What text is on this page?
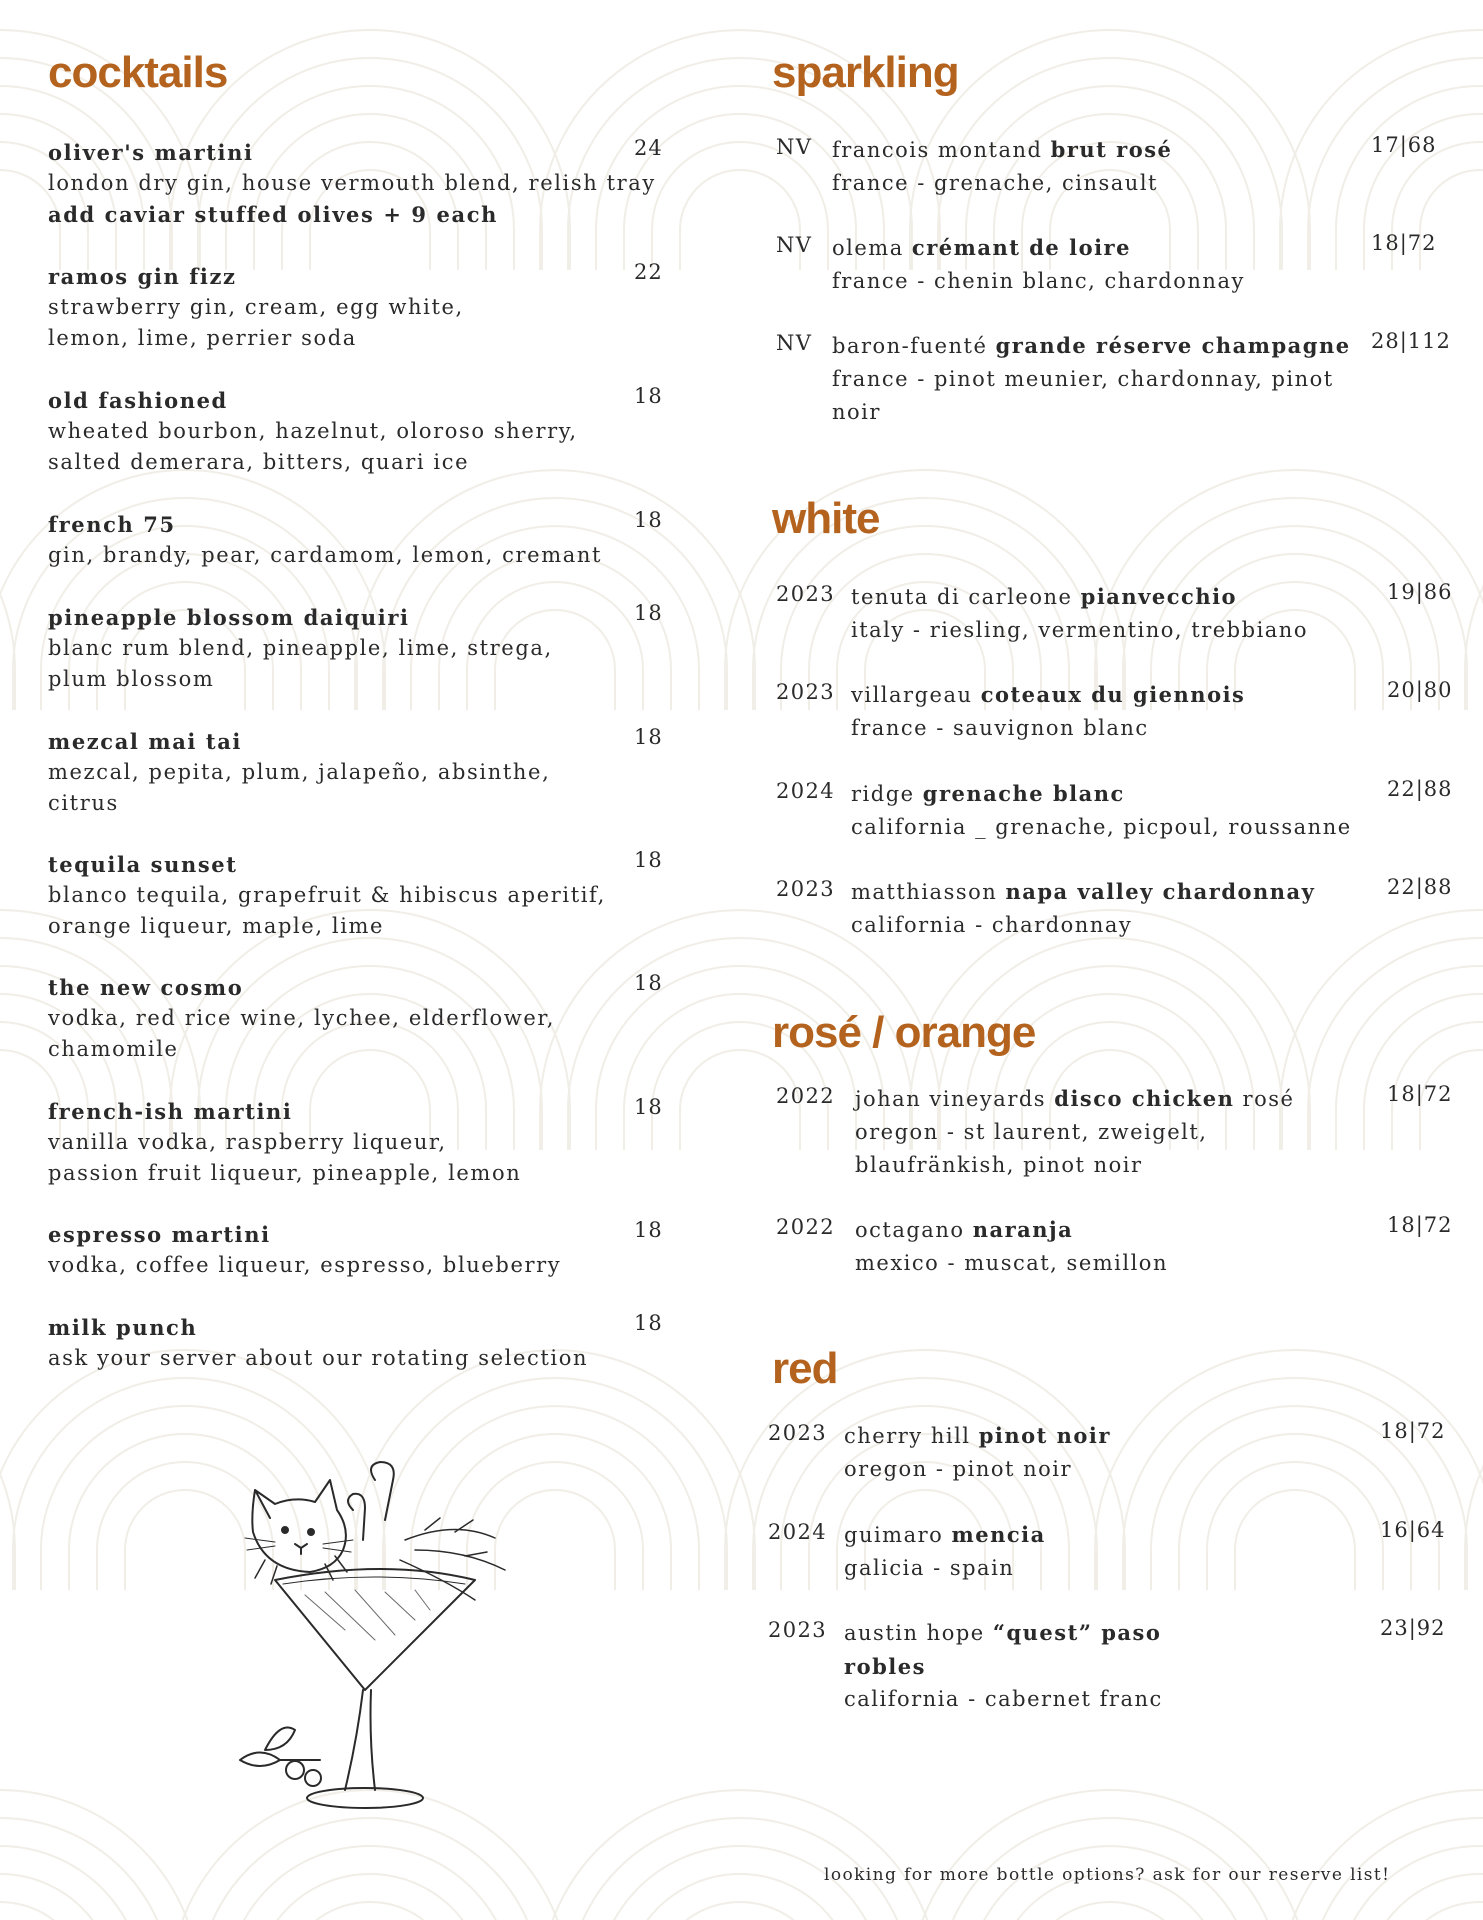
cocktails
oliver's martini
london dry gin, house vermouth blend, relish tray
add caviar stuffed olives + 9 each
24
ramos gin fizz
strawberry gin, cream, egg white,
lemon, lime, perrier soda
22
old fashioned
wheated bourbon, hazelnut, oloroso sherry,
salted demerara, bitters, quari ice
18
french 75
gin, brandy, pear, cardamom, lemon, cremant
18
pineapple blossom daiquiri
blanc rum blend, pineapple, lime, strega,
plum blossom
18
mezcal mai tai
mezcal, pepita, plum, jalapeño, absinthe,
citrus
18
tequila sunset
blanco tequila, grapefruit & hibiscus aperitif,
orange liqueur, maple, lime
18
the new cosmo
vodka, red rice wine, lychee, elderflower,
chamomile
18
french-ish martini
vanilla vodka, raspberry liqueur,
passion fruit liqueur, pineapple, lemon
18
espresso martini
vodka, coffee liqueur, espresso, blueberry
18
milk punch
ask your server about our rotating selection
18
sparkling
white
rosé / orange
red
NV francois montand brut rosé
france - grenache, cinsault
17|68
NV olema crémant de loire
france - chenin blanc, chardonnay
18|72
NV baron-fuenté grande réserve champagne
france - pinot meunier, chardonnay, pinot
noir
28|112
2023 tenuta di carleone pianvecchio
italy - riesling, vermentino, trebbiano
19|86
2023 villargeau coteaux du giennois
france - sauvignon blanc
20|80
2024 ridge grenache blanc
california _ grenache, picpoul, roussanne
22|88
2023 matthiasson napa valley chardonnay
california - chardonnay
22|88
2022 johan vineyards disco chicken rosé
oregon - st laurent, zweigelt,
blaufränkish, pinot noir
18|72
2022 octagano naranja
mexico - muscat, semillon
18|72
2023 cherry hill pinot noir
oregon - pinot noir
18|72
2024 guimaro mencia
galicia - spain
16|64
2023 austin hope “quest” paso
robles
california - cabernet franc
23|92
looking for more bottle options? ask for our reserve list!
